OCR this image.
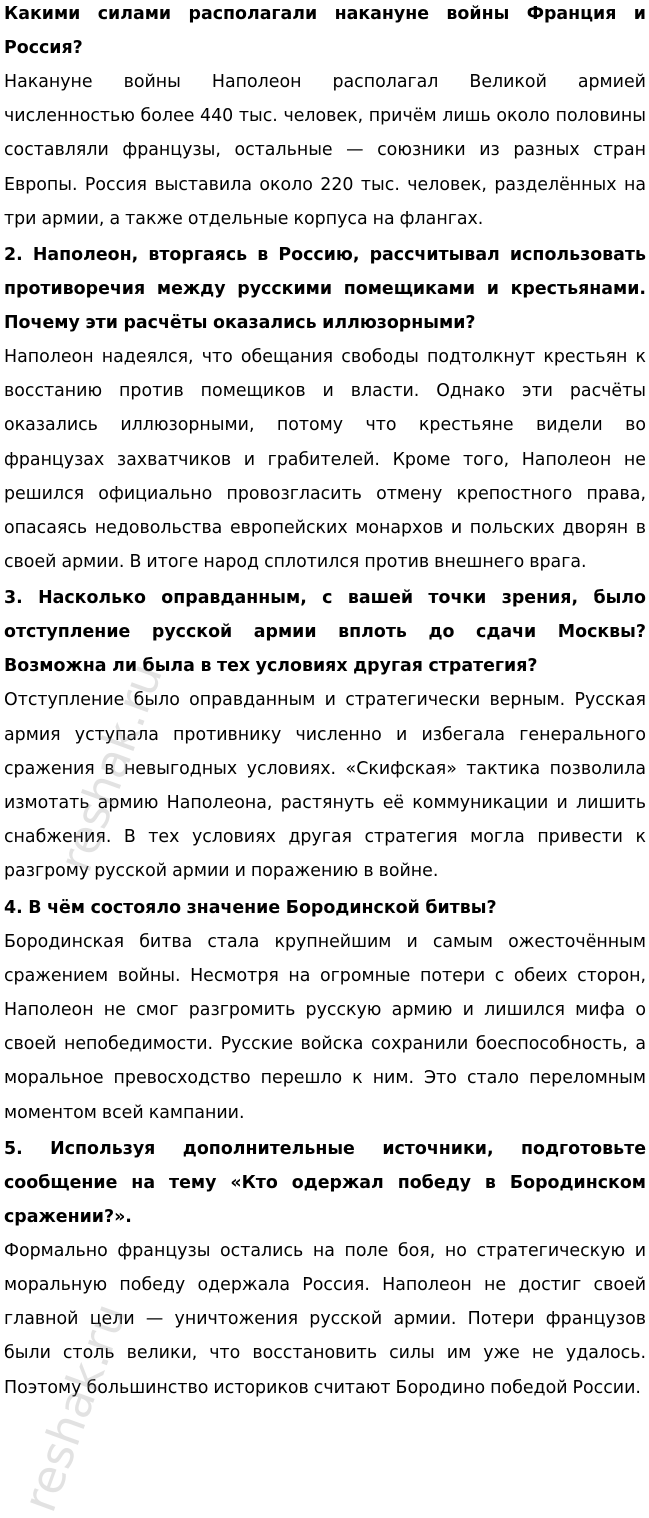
Какими силами располагали накануне войны Франция и Россия?

Накануне войны Наполеон располагал Великой армией численностью более 440 тыс. человек, причём лишь около половины составляли французы, остальные — союзники из разных стран Европы. Россия выставила около 220 тыс. человек, разделённых на три армии, а также отдельные корпуса на флангах.

2. Наполеон, вторгаясь в Россию, рассчитывал использовать противоречия между русскими помещиками и крестьянами. Почему эти расчёты оказались иллюзорными?

Наполеон надеялся, что обещания свободы подтолкнут крестьян к восстанию против помещиков и власти. Однако эти расчёты оказались иллюзорными, потому что крестьяне видели во французах захватчиков и грабителей. Кроме того, Наполеон не решился официально провозгласить отмену крепостного права, опасаясь недовольства европейских монархов и польских дворян в своей армии. В итоге народ сплотился против внешнего врага.

3. Насколько оправданным, с вашей точки зрения, было отступление русской армии вплоть до сдачи Москвы? Возможна ли была в тех условиях другая стратегия?

Отступление было оправданным и стратегически верным. Русская армия уступала противнику численно и избегала генерального сражения в невыгодных условиях. «Скифская» тактика позволила измотать армию Наполеона, растянуть её коммуникации и лишить снабжения. В тех условиях другая стратегия могла привести к разгрому русской армии и поражению в войне.

4. В чём состояло значение Бородинской битвы?

Бородинская битва стала крупнейшим и самым ожесточённым сражением войны. Несмотря на огромные потери с обеих сторон, Наполеон не смог разгромить русскую армию и лишился мифа о своей непобедимости. Русские войска сохранили боеспособность, а моральное превосходство перешло к ним. Это стало переломным моментом всей кампании.

5. Используя дополнительные источники, подготовьте сообщение на тему «Кто одержал победу в Бородинском сражении?».

Формально французы остались на поле боя, но стратегическую и моральную победу одержала Россия. Наполеон не достиг своей главной цели — уничтожения русской армии. Потери французов были столь велики, что восстановить силы им уже не удалось. Поэтому большинство историков считают Бородино победой России.

reshak.ru
reshak.ru
